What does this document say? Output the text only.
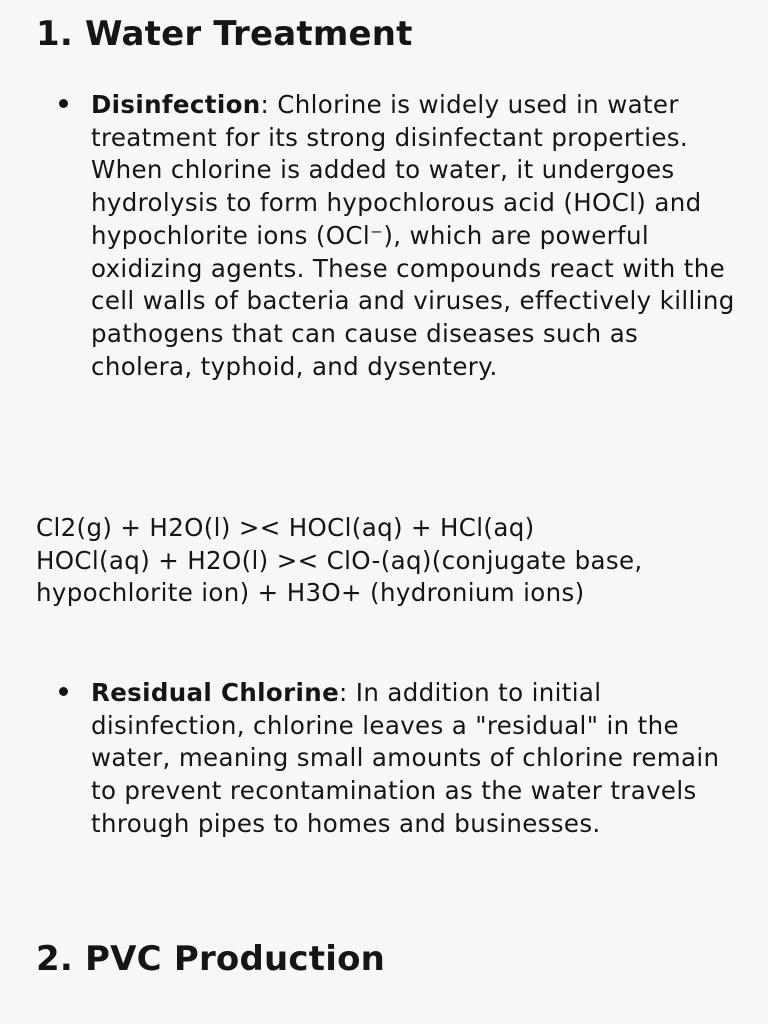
1. Water Treatment
Disinfection: Chlorine is widely used in water treatment for its strong disinfectant properties. When chlorine is added to water, it undergoes hydrolysis to form hypochlorous acid (HOCl) and hypochlorite ions (OCl⁻), which are powerful oxidizing agents. These compounds react with the cell walls of bacteria and viruses, effectively killing pathogens that can cause diseases such as cholera, typhoid, and dysentery.

Cl2(g) + H2O(l) >< HOCl(aq) + HCl(aq)

HOCl(aq) + H2O(l) >< ClO-(aq)(conjugate base, hypochlorite ion) + H3O+ (hydronium ions)

Residual Chlorine: In addition to initial disinfection, chlorine leaves a "residual" in the water, meaning small amounts of chlorine remain to prevent recontamination as the water travels through pipes to homes and businesses.
2. PVC Production
